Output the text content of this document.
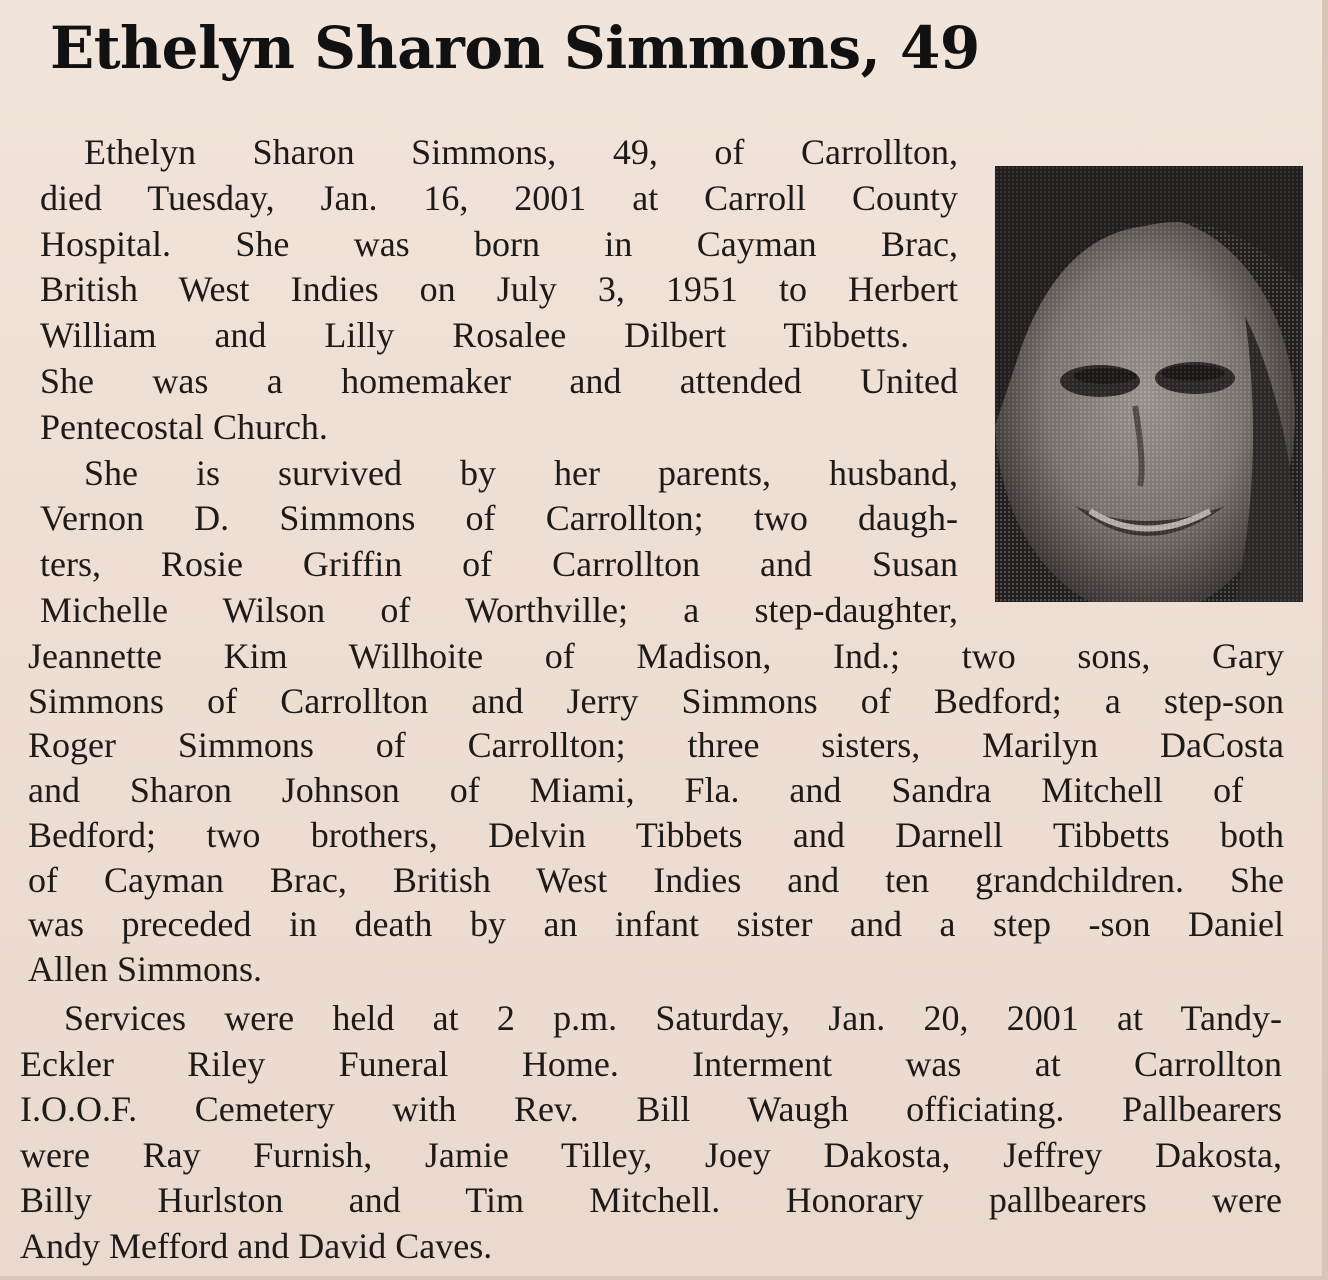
Ethelyn Sharon Simmons, 49
Ethelyn Sharon Simmons, 49, of Carrollton,
died Tuesday, Jan. 16, 2001 at Carroll County
Hospital. She was born in Cayman Brac,
British West Indies on July 3, 1951 to Herbert
William and Lilly Rosalee Dilbert Tibbetts.
She was a homemaker and attended United
Pentecostal Church.
She is survived by her parents, husband,
Vernon D. Simmons of Carrollton; two daugh-
ters, Rosie Griffin of Carrollton and Susan
Michelle Wilson of Worthville; a step-daughter,
Jeannette Kim Willhoite of Madison, Ind.; two sons, Gary
Simmons of Carrollton and Jerry Simmons of Bedford; a step-son
Roger Simmons of Carrollton; three sisters, Marilyn DaCosta
and Sharon Johnson of Miami, Fla. and Sandra Mitchell of
Bedford; two brothers, Delvin Tibbets and Darnell Tibbetts both
of Cayman Brac, British West Indies and ten grandchildren. She
was preceded in death by an infant sister and a step -son Daniel
Allen Simmons.
Services were held at 2 p.m. Saturday, Jan. 20, 2001 at Tandy-
Eckler Riley Funeral Home. Interment was at Carrollton
I.O.O.F. Cemetery with Rev. Bill Waugh officiating. Pallbearers
were Ray Furnish, Jamie Tilley, Joey Dakosta, Jeffrey Dakosta,
Billy Hurlston and Tim Mitchell. Honorary pallbearers were
Andy Mefford and David Caves.
